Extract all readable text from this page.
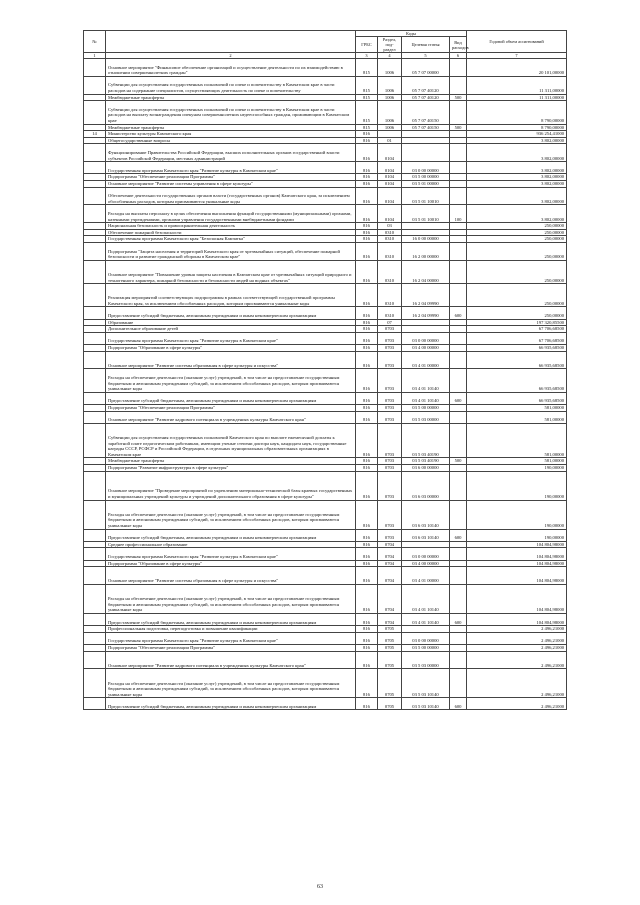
№		Коды				Годовой объем ассигнований
		ГРБС	Раздел, под-раздел	Целевая статья	Вид расходов	
1	2	3	4	5	6	7
	Основное мероприятие "Финансовое обеспечение организаций и осуществление деятельности по их взаимодействию в отношении совершеннолетних граждан"	815	1006	05 7 07 00000		20 101,00000
	Субвенции для осуществления государственных полномочий по опеке и попечительству в Камчатском крае в части расходов на содержание специалистов, осуществляющих деятельность по опеке и попечительству	815	1006	05 7 07 40120		11 311,00000
	Межбюджетные трансферты	815	1006	05 7 07 40120	500	11 311,00000
	Субвенции для осуществления государственных полномочий по опеке и попечительству в Камчатском крае в части расходов на выплату вознаграждения опекунам совершеннолетних недееспособных граждан, проживающим в Камчатском крае	815	1006	05 7 07 40150		8 790,00000
	Межбюджетные трансферты	815	1006	05 7 07 40150	500	8 790,00000
14	Министерство культуры Камчатского края	816				936 254,41000
	Общегосударственные вопросы	816	01			3 802,00000
	Функционирование Правительства Российской Федерации, высших исполнительных органов государственной власти субъектов Российской Федерации, местных администраций	816	0104			3 802,00000
	Государственная программа Камчатского края "Развитие культуры в Камчатском крае"	816	0104	03 0 00 00000		3 802,00000
	Подпрограмма "Обеспечение реализации Программы"	816	0104	03 5 00 00000		3 802,00000
	Основное мероприятие "Развитие системы управления в сфере культуры"	816	0104	03 5 01 00000		3 802,00000
	Обеспечение деятельности государственных органов власти (государственных органов) Камчатского края, за исключением обособленных расходов, которым присваиваются уникальные коды	816	0104	03 5 01 10010		3 802,00000
	Расходы на выплаты персоналу в целях обеспечения выполнения функций государственными (муниципальными) органами, казенными учреждениями, органами управления государственными внебюджетными фондами	816	0104	03 5 01 10010	100	3 802,00000
	Национальная безопасность и правоохранительная деятельность	816	03			250,00000
	Обеспечение пожарной безопасности	816	0310			250,00000
	Государственная программа Камчатского края "Безопасная Камчатка"	816	0310	16 0 00 00000		250,00000
	Подпрограмма "Защита населения и территорий Камчатского края от чрезвычайных ситуаций, обеспечение пожарной безопасности и развитие гражданской обороны в Камчатском крае"	816	0310	16 2 00 00000		250,00000
	Основное мероприятие "Повышение уровня защиты населения в Камчатском крае от чрезвычайных ситуаций природного и техногенного характера, пожарной безопасности и безопасности людей на водных объектах"	816	0310	16 2 04 00000		250,00000
	Реализация мероприятий соответствующих подпрограммы в рамках соответствующей государственной программы Камчатского края, за исключением обособленных расходов, которым присваиваются уникальные коды	816	0310	16 2 04 09990		250,00000
	Предоставление субсидий бюджетным, автономным учреждениям и иным некоммерческим организациям	816	0310	16 2 04 09990	600	250,00000
	Образование	816	07			197 320,85500
	Дополнительное образование детей	816	0703			67 706,68500
	Государственная программа Камчатского края "Развитие культуры в Камчатском крае"	816	0703	03 0 00 00000		67 706,68500
	Подпрограмма "Образование в сфере культуры"	816	0703	03 4 00 00000		66 935,68500
	Основное мероприятие "Развитие системы образования в сфере культуры и искусства"	816	0703	03 4 01 00000		66 935,68500
	Расходы на обеспечение деятельности (оказание услуг) учреждений, в том числе на предоставление государственным бюджетным и автономным учреждениям субсидий, за исключением обособленных расходов, которым присваиваются уникальные коды	816	0703	03 4 01 10140		66 935,68500
	Предоставление субсидий бюджетным, автономным учреждениям и иным некоммерческим организациям	816	0703	03 4 01 10140	600	66 935,68500
	Подпрограмма "Обеспечение реализации Программы"	816	0703	03 5 00 00000		581,00000
	Основное мероприятие "Развитие кадрового потенциала в учреждениях культуры Камчатского края"	816	0703	03 5 03 00000		581,00000
	Субвенции для осуществления государственных полномочий Камчатского края по выплате ежемесячной доплаты к заработной плате педагогическим работникам, имеющим ученые степени доктора наук, кандидата наук, государственные награды СССР, РСФСР и Российской Федерации, в отдельных муниципальных образовательных организациях в Камчатском крае	816	0703	03 5 03 40190		581,00000
	Межбюджетные трансферты	816	0703	03 5 03 40190	500	581,00000
	Подпрограмма "Развитие инфраструктуры в сфере культуры"	816	0703	03 6 00 00000		190,00000
	Основное мероприятие "Проведение мероприятий по укреплению материально-технической базы краевых государственных и муниципальных учреждений культуры и учреждений дополнительного образования в сфере культуры"	816	0703	03 6 03 00000		190,00000
	Расходы на обеспечение деятельности (оказание услуг) учреждений, в том числе на предоставление государственным бюджетным и автономным учреждениям субсидий, за исключением обособленных расходов, которым присваиваются уникальные коды	816	0703	03 6 03 10140		190,00000
	Предоставление субсидий бюджетным, автономным учреждениям и иным некоммерческим организациям	816	0703	03 6 03 10140	600	190,00000
	Среднее профессиональное образование	816	0704			104 804,98000
	Государственная программа Камчатского края "Развитие культуры в Камчатском крае"	816	0704	03 0 00 00000		104 804,98000
	Подпрограмма "Образование в сфере культуры"	816	0704	03 4 00 00000		104 804,98000
	Основное мероприятие "Развитие системы образования в сфере культуры и искусства"	816	0704	03 4 01 00000		104 804,98000
	Расходы на обеспечение деятельности (оказание услуг) учреждений, в том числе на предоставление государственным бюджетным и автономным учреждениям субсидий, за исключением обособленных расходов, которым присваиваются уникальные коды	816	0704	03 4 01 10140		104 804,98000
	Предоставление субсидий бюджетным, автономным учреждениям и иным некоммерческим организациям	816	0704	03 4 01 10140	600	104 804,98000
	Профессиональная подготовка, переподготовка и повышение квалификации	816	0705			2 496,21000
	Государственная программа Камчатского края "Развитие культуры в Камчатском крае"	816	0705	03 0 00 00000		2 496,21000
	Подпрограмма "Обеспечение реализации Программы"	816	0705	03 5 00 00000		2 496,21000
	Основное мероприятие "Развитие кадрового потенциала в учреждениях культуры Камчатского края"	816	0705	03 5 03 00000		2 496,21000
	Расходы на обеспечение деятельности (оказание услуг) учреждений, в том числе на предоставление государственным бюджетным и автономным учреждениям субсидий, за исключением обособленных расходов, которым присваиваются уникальные коды	816	0705	03 5 03 10140		2 496,21000
	Предоставление субсидий бюджетным, автономным учреждениям и иным некоммерческим организациям	816	0705	03 5 03 10140	600	2 496,21000
63
